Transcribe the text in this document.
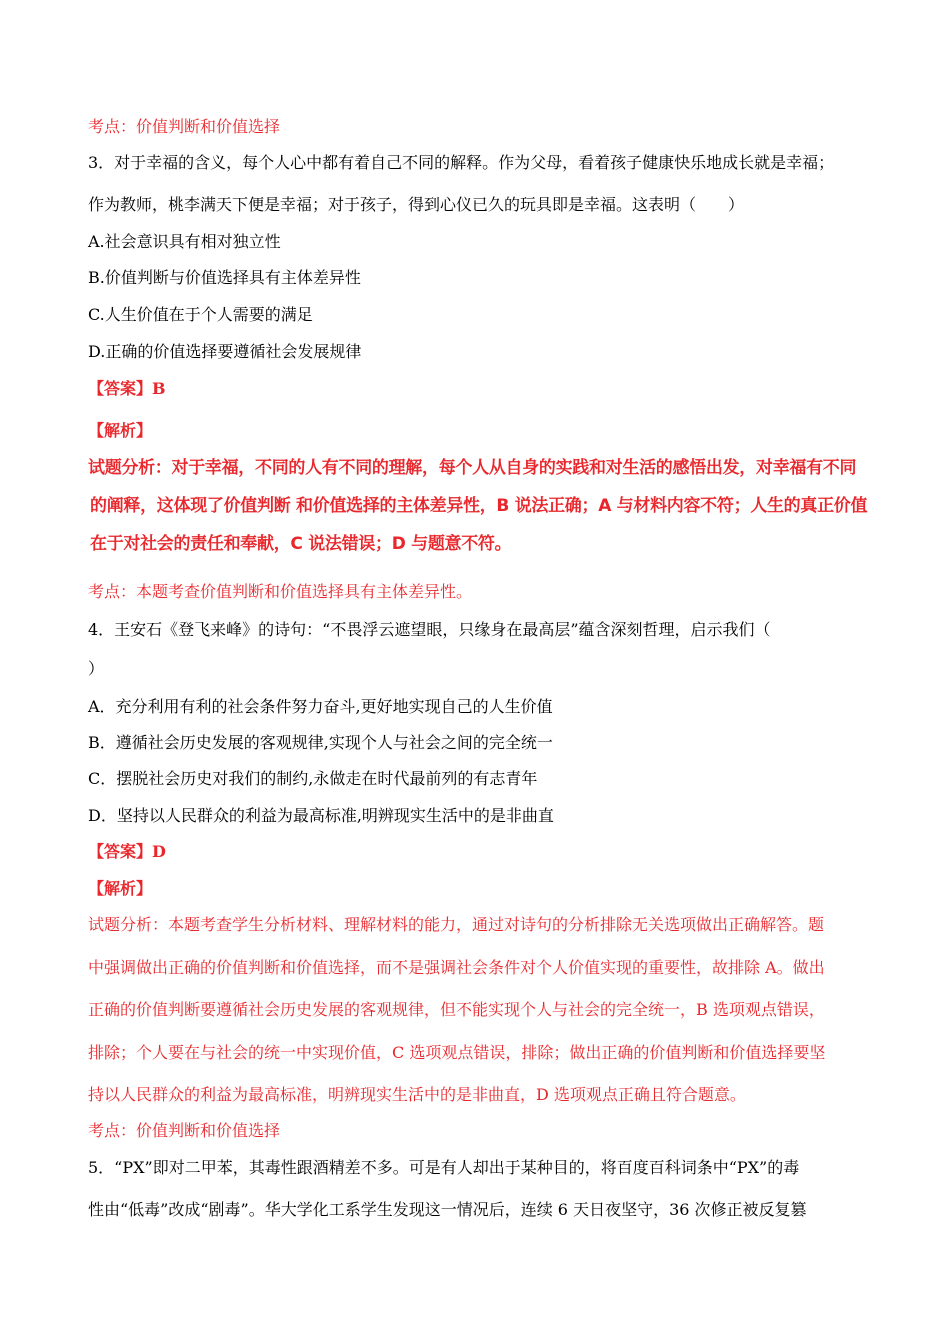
考点：价值判断和价值选择
3．对于幸福的含义，每个人心中都有着自己不同的解释。作为父母，看着孩子健康快乐地成长就是幸福；
作为教师，桃李满天下便是幸福；对于孩子，得到心仪已久的玩具即是幸福。这表明（　　）
A.社会意识具有相对独立性
B.价值判断与价值选择具有主体差异性
C.人生价值在于个人需要的满足
D.正确的价值选择要遵循社会发展规律
【答案】B
【解析】
试题分析：对于幸福，不同的人有不同的理解，每个人从自身的实践和对生活的感悟出发，对幸福有不同
的阐释，这体现了价值判断 和价值选择的主体差异性，B 说法正确；A 与材料内容不符；人生的真正价值
在于对社会的责任和奉献，C 说法错误；D 与题意不符。
考点：本题考查价值判断和价值选择具有主体差异性。
4．王安石《登飞来峰》的诗句：“不畏浮云遮望眼，只缘身在最高层”蕴含深刻哲理，启示我们（
）
A．充分利用有利的社会条件努力奋斗,更好地实现自己的人生价值
B．遵循社会历史发展的客观规律,实现个人与社会之间的完全统一
C．摆脱社会历史对我们的制约,永做走在时代最前列的有志青年
D．坚持以人民群众的利益为最高标准,明辨现实生活中的是非曲直
【答案】D
【解析】
试题分析：本题考查学生分析材料、理解材料的能力，通过对诗句的分析排除无关选项做出正确解答。题
中强调做出正确的价值判断和价值选择，而不是强调社会条件对个人价值实现的重要性，故排除 A。做出
正确的价值判断要遵循社会历史发展的客观规律，但不能实现个人与社会的完全统一，B 选项观点错误，
排除；个人要在与社会的统一中实现价值，C 选项观点错误，排除；做出正确的价值判断和价值选择要坚
持以人民群众的利益为最高标准，明辨现实生活中的是非曲直，D 选项观点正确且符合题意。
考点：价值判断和价值选择
5．“PX”即对二甲苯，其毒性跟酒精差不多。可是有人却出于某种目的，将百度百科词条中“PX”的毒
性由“低毒”改成“剧毒”。华大学化工系学生发现这一情况后，连续 6 天日夜坚守，36 次修正被反复篡
